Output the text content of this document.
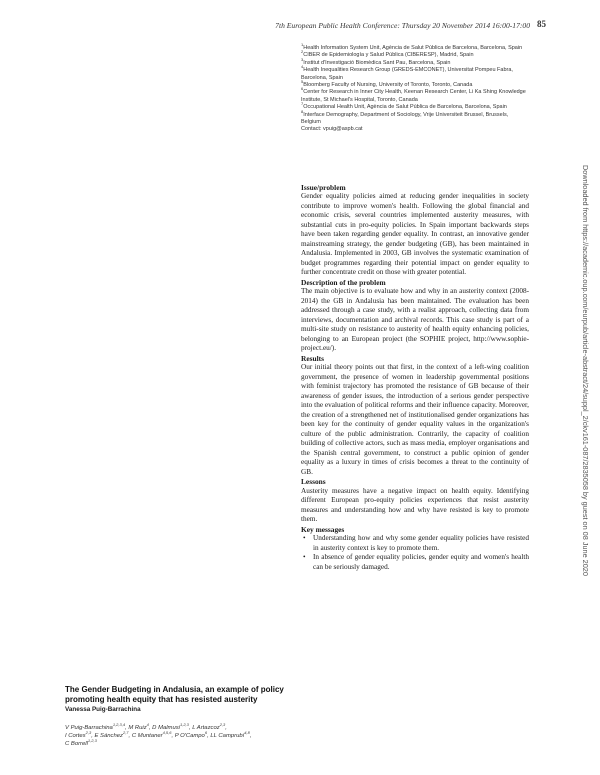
7th European Public Health Conference: Thursday 20 November 2014 16:00-17:00 85
Downloaded from https://academic.oup.com/eurpub/article-abstract/24/suppl_2/ckv161-087/2835058 by guest on 08 June 2020
$^1$Health Information System Unit, Agència de Salut Pública de Barcelona, Barcelona, Spain
$^2$CIBER de Epidemiología y Salud Pública (CIBERESP), Madrid, Spain
$^3$Institut d'Investigació Biomèdica Sant Pau, Barcelona, Spain
$^4$Health Inequalities Research Group (GREDS-EMCONET), Universitat Pompeu Fabra, Barcelona, Spain
$^5$Bloomberg Faculty of Nursing, University of Toronto, Toronto, Canada
$^6$Center for Research in Inner City Health, Keenan Research Center, Li Ka Shing Knowledge Institute, St Michael's Hospital, Toronto, Canada
$^7$Occupational Health Unit, Agència de Salut Pública de Barcelona, Barcelona, Spain
$^8$Interface Demography, Department of Sociology, Vrije Universiteit Brussel, Brussels, Belgium
Contact: vpuig@aspb.cat
Issue/problem

Gender equality policies aimed at reducing gender inequalities in society contribute to improve women's health. Following the global financial and economic crisis, several countries implemented austerity measures, with substantial cuts in pro-equity policies. In Spain important backwards steps have been taken regarding gender equality. In contrast, an innovative gender mainstreaming strategy, the gender budgeting (GB), has been maintained in Andalusia. Implemented in 2003, GB involves the systematic examination of budget programmes regarding their potential impact on gender equality to further concentrate credit on those with greater potential.

Description of the problem

The main objective is to evaluate how and why in an austerity context (2008-2014) the GB in Andalusia has been maintained. The evaluation has been addressed through a case study, with a realist approach, collecting data from interviews, documentation and archival records. This case study is part of a multi-site study on resistance to austerity of health equity enhancing policies, belonging to an European project (the SOPHIE project, http://www.sophie-project.eu/).

Results

Our initial theory points out that first, in the context of a left-wing coalition government, the presence of women in leadership governmental positions with feminist trajectory has promoted the resistance of GB because of their awareness of gender issues, the introduction of a serious gender perspective into the evaluation of political reforms and their influence capacity. Moreover, the creation of a strengthened net of institutionalised gender organizations has been key for the continuity of gender equality values in the organization's culture of the public administration. Contrarily, the capacity of coalition building of collective actors, such as mass media, employer organisations and the Spanish central government, to construct a public opinion of gender equality as a luxury in times of crisis becomes a threat to the continuity of GB.

Lessons

Austerity measures have a negative impact on health equity. Identifying different European pro-equity policies experiences that resist austerity measures and understanding how and why have resisted is key to promote them.

Key messages
• Understanding how and why some gender equality policies have resisted in austerity context is key to promote them.
• In absence of gender equality policies, gender equity and women's health can be seriously damaged.
The Gender Budgeting in Andalusia, an example of policy promoting health equity that has resisted austerity
Vanessa Puig-Barrachina
V Puig-Barrachina$^{1,2,3,4}$, M Ruiz$^4$, D Malmusi$^{1,2,3}$, L Artazcoz$^{2,3}$,
I Cortes$^{2,3}$, E Sánchez$^{2,7}$, C Muntaner$^{4,5,6}$, P O'Campo$^6$, LL Camprubí$^{4,8}$,
C Borrell$^{1,2,3}$
